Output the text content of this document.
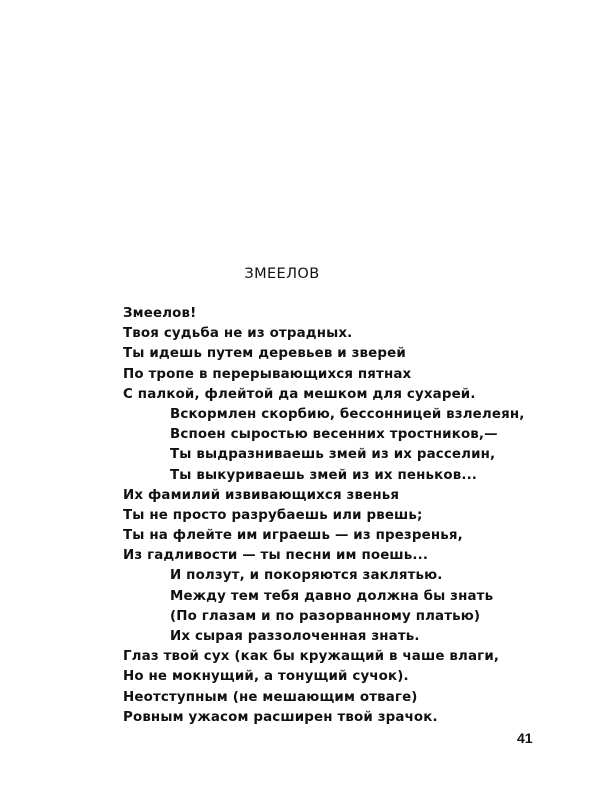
ЗМЕЕЛОВ
Змеелов!
Твоя судьба не из отрадных.
Ты идешь путем деревьев и зверей
По тропе в перерывающихся пятнах
С палкой, флейтой да мешком для сухарей.
Вскормлен скорбию, бессонницей взлелеян,
Вспоен сыростью весенних тростников,—
Ты выдразниваешь змей из их расселин,
Ты выкуриваешь змей из их пеньков...
Их фамилий извивающихся звенья
Ты не просто разрубаешь или рвешь;
Ты на флейте им играешь — из презренья,
Из гадливости — ты песни им поешь...
И ползут, и покоряются заклятью.
Между тем тебя давно должна бы знать
(По глазам и по разорванному платью)
Их сырая раззолоченная знать.
Глаз твой сух (как бы кружащий в чаше влаги,
Но не мокнущий, а тонущий сучок).
Неотступным (не мешающим отваге)
Ровным ужасом расширен твой зрачок.
41
